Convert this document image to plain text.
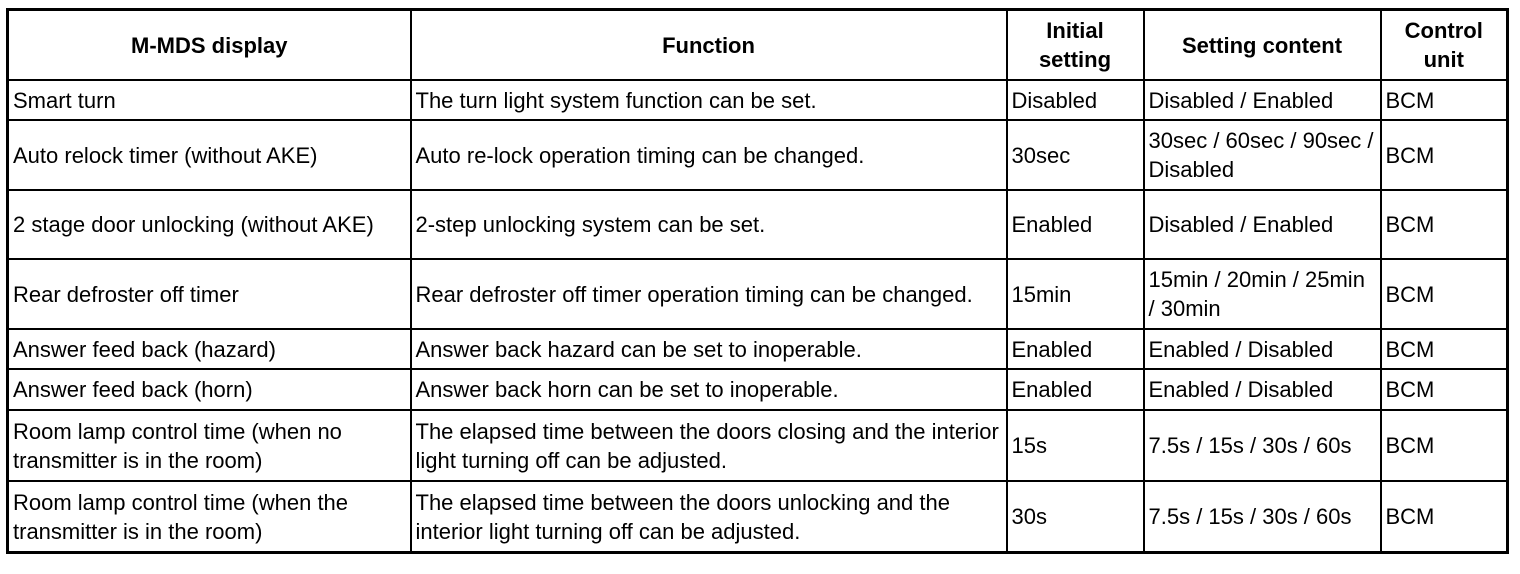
M-MDS display	Function	Initial setting	Setting content	Control unit
Smart turn	The turn light system function can be set.	Disabled	Disabled / Enabled	BCM
Auto relock timer (without AKE)	Auto re-lock operation timing can be changed.	30sec	30sec / 60sec / 90sec / Disabled	BCM
2 stage door unlocking (without AKE)	2-step unlocking system can be set.	Enabled	Disabled / Enabled	BCM
Rear defroster off timer	Rear defroster off timer operation timing can be changed.	15min	15min / 20min / 25min / 30min	BCM
Answer feed back (hazard)	Answer back hazard can be set to inoperable.	Enabled	Enabled / Disabled	BCM
Answer feed back (horn)	Answer back horn can be set to inoperable.	Enabled	Enabled / Disabled	BCM
Room lamp control time (when no transmitter is in the room)	The elapsed time between the doors closing and the interior light turning off can be adjusted.	15s	7.5s / 15s / 30s / 60s	BCM
Room lamp control time (when the transmitter is in the room)	The elapsed time between the doors unlocking and the interior light turning off can be adjusted.	30s	7.5s / 15s / 30s / 60s	BCM
